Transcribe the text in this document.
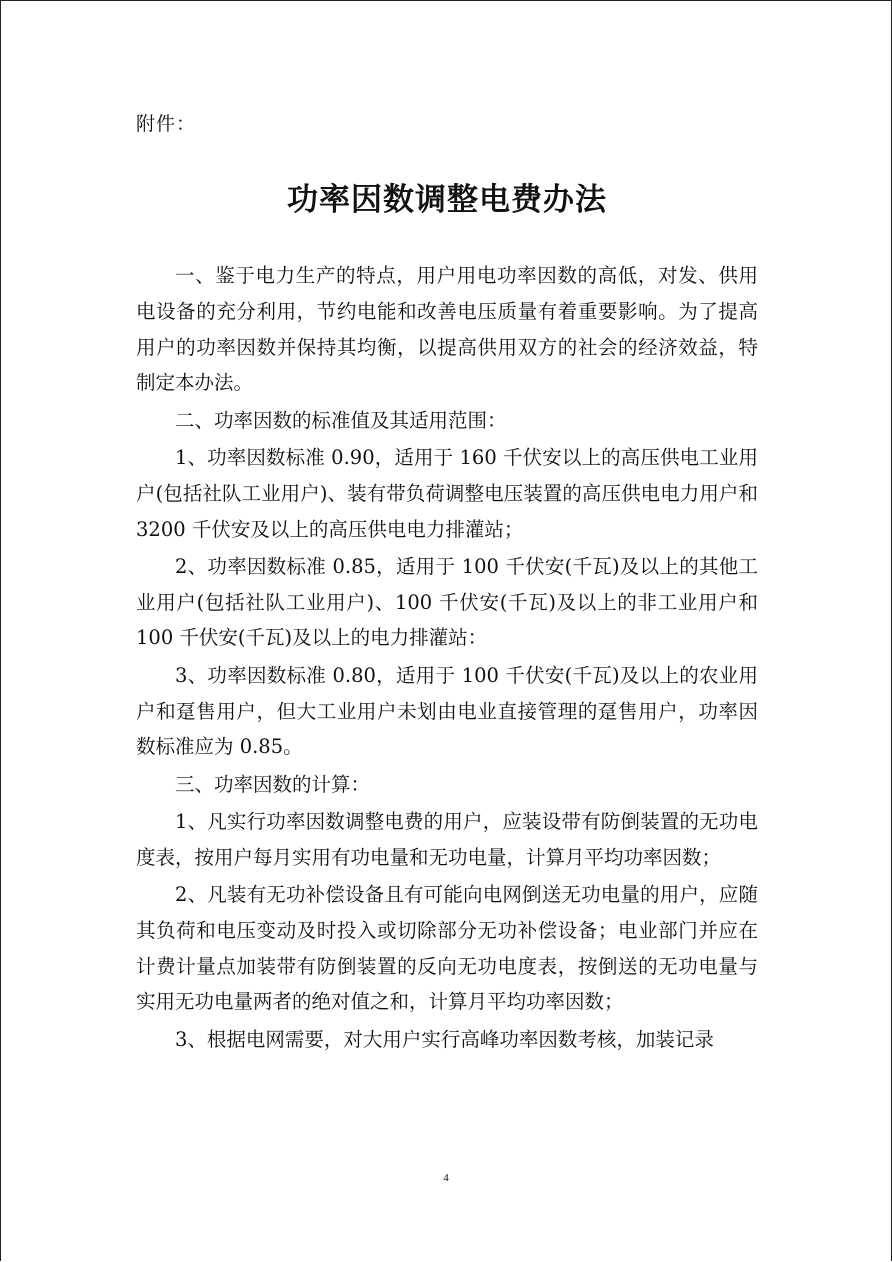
附件：
功率因数调整电费办法

一、鉴于电力生产的特点，用户用电功率因数的高低，对发、供用电设备的充分利用，节约电能和改善电压质量有着重要影响。为了提高用户的功率因数并保持其均衡，以提高供用双方的社会的经济效益，特制定本办法。

二、功率因数的标准值及其适用范围：

1、功率因数标准 0.90，适用于 160 千伏安以上的高压供电工业用户(包括社队工业用户)、装有带负荷调整电压装置的高压供电电力用户和 3200 千伏安及以上的高压供电电力排灌站；

2、功率因数标准 0.85，适用于 100 千伏安(千瓦)及以上的其他工业用户(包括社队工业用户)、100 千伏安(千瓦)及以上的非工业用户和 100 千伏安(千瓦)及以上的电力排灌站：

3、功率因数标准 0.80，适用于 100 千伏安(千瓦)及以上的农业用户和趸售用户，但大工业用户未划由电业直接管理的趸售用户，功率因数标准应为 0.85。

三、功率因数的计算：

1、凡实行功率因数调整电费的用户，应装设带有防倒装置的无功电度表，按用户每月实用有功电量和无功电量，计算月平均功率因数；

2、凡装有无功补偿设备且有可能向电网倒送无功电量的用户，应随其负荷和电压变动及时投入或切除部分无功补偿设备；电业部门并应在计费计量点加装带有防倒装置的反向无功电度表，按倒送的无功电量与实用无功电量两者的绝对值之和，计算月平均功率因数；

3、根据电网需要，对大用户实行高峰功率因数考核，加装记录

4
